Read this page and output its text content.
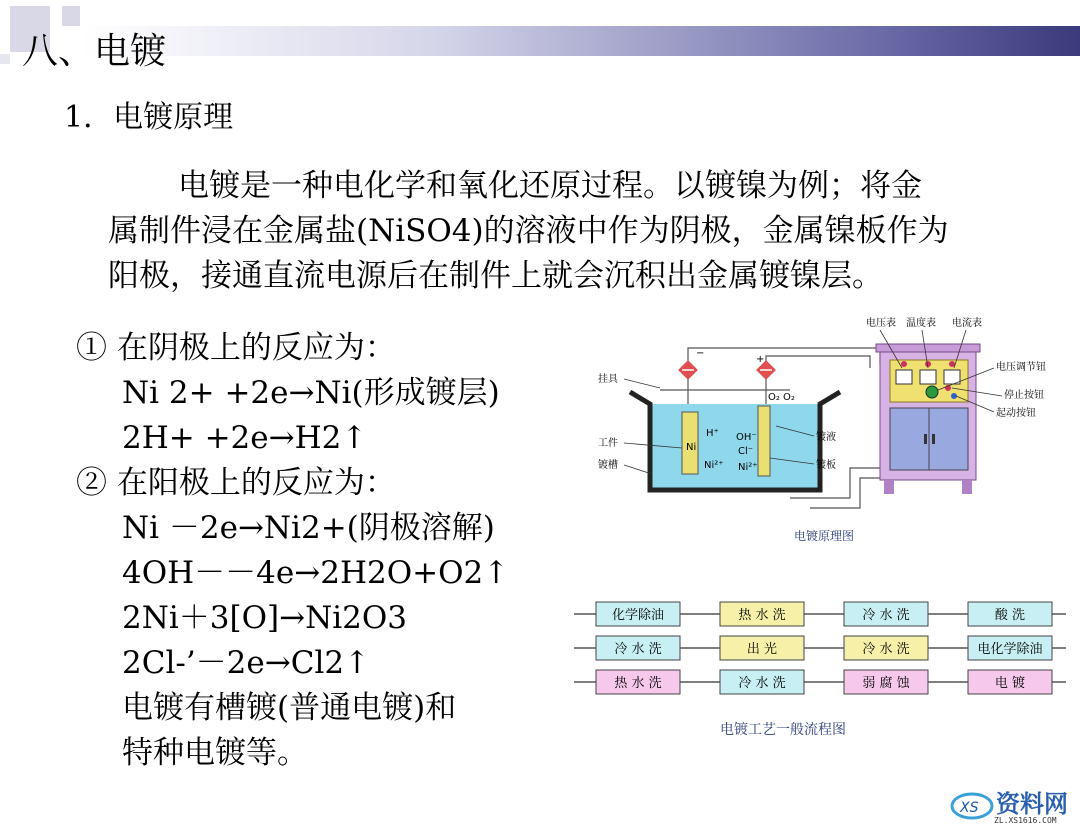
八、电镀
1．电镀原理
电镀是一种电化学和氧化还原过程。以镀镍为例；将金
属制件浸在金属盐(NiSO4)的溶液中作为阴极，金属镍板作为
阳极，接通直流电源后在制件上就会沉积出金属镀镍层。
① 在阴极上的反应为：
Ni 2+ +2e→Ni(形成镀层)
2H+ +2e→H2↑
② 在阳极上的反应为：
Ni －2e→Ni2+(阴极溶解)
4OH－－4e→2H2O+O2↑
2Ni＋3[O]→Ni2O3
2Cl-’－2e→Cl2↑
电镀有槽镀(普通电镀)和
特种电镀等。
−
+
Ni
H⁺
Ni²⁺
OH⁻
Cl⁻
Ni²⁺
O₂ O₂
挂具
工件
镀槽
镀液
镀板
电压表 温度表 电流表
电压调节钮
停止按钮
起动按钮
电镀原理图
化学除油	热 水 洗	冷 水 洗	酸 洗
冷 水 洗	出 光	冷 水 洗	电化学除油
热 水 洗	冷 水 洗	弱 腐 蚀	电 镀
电镀工艺一般流程图
XS 资料网
ZL.XS1616.COM
